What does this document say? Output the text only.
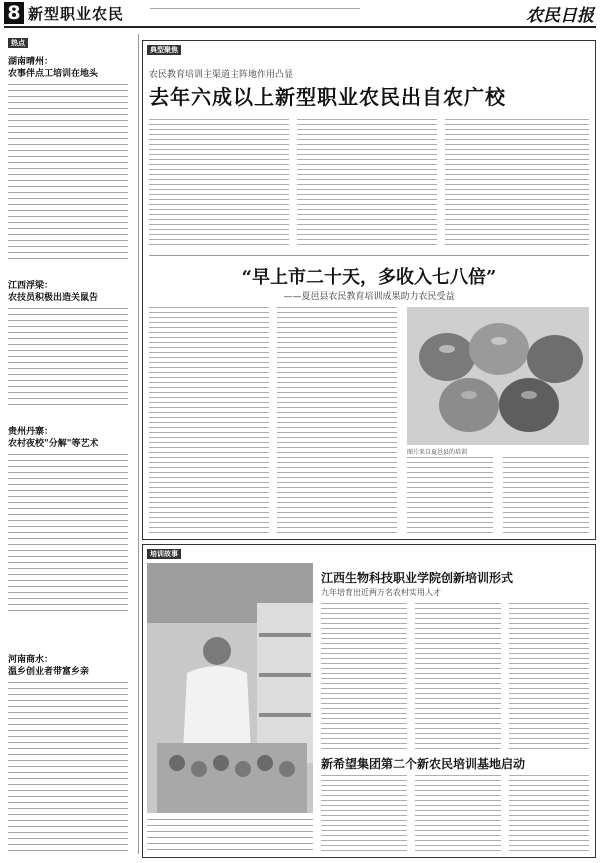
8 新型职业农民	农民日报
热点
湖南晴州：
农事伴点工培训在地头
江西浮梁：
农技员积极出造关鼠告
贵州丹寨：
农村夜校"分解"等艺术
河南商水：
温乡创业者带富乡亲
典型聚焦
农民教育培训主渠道主阵地作用凸显
去年六成以上新型职业农民出自农广校
“早上市二十天，多收入七八倍”
——夏邑县农民教育培训成果助力农民受益
图片来自夏邑县的培训
培训故事
江西生物科技职业学院创新培训形式
九年培育出近两万名农村实用人才
新希望集团第二个新农民培训基地启动
